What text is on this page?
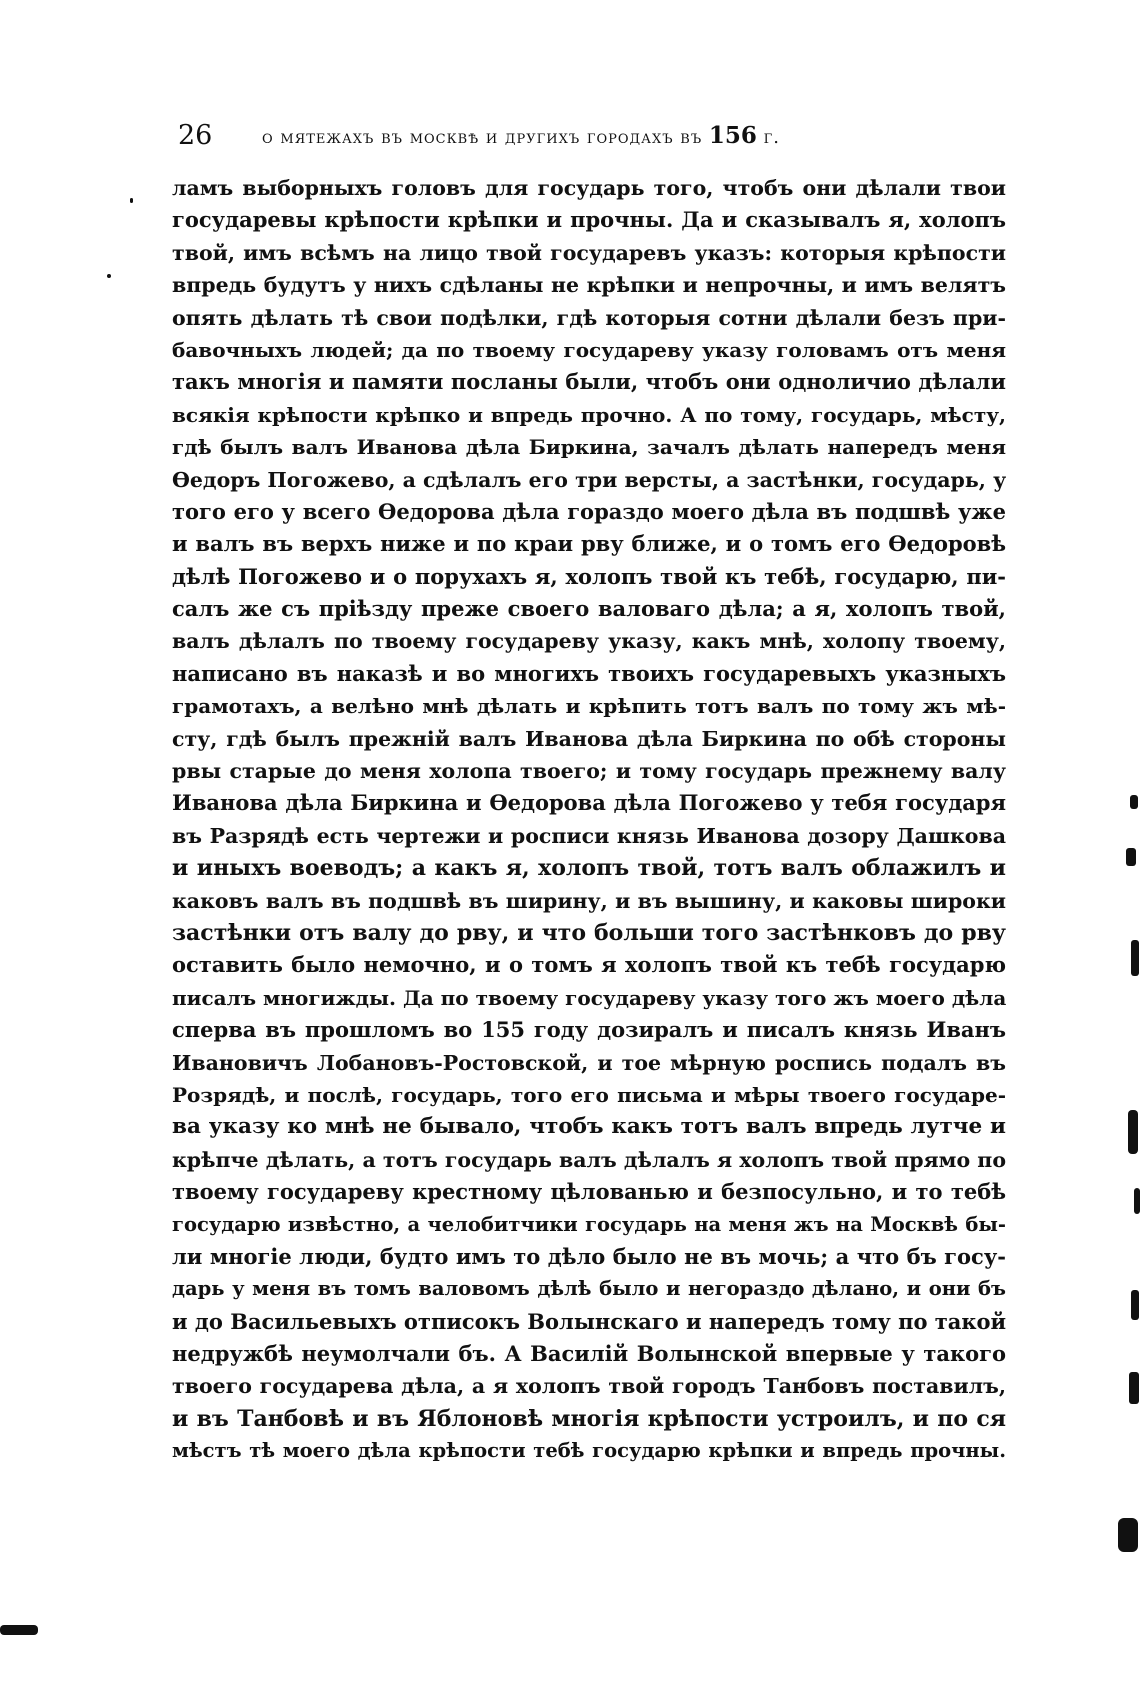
26	о мятежахъ въ москвѣ и другихъ городахъ въ 156 г.
ламъ выборныхъ головъ для государь того, чтобъ они дѣлали твои
государевы крѣпости крѣпки и прочны. Да и сказывалъ я, холопъ
твой, имъ всѣмъ на лицо твой государевъ указъ: которыя крѣпости
впредь будутъ у нихъ сдѣланы не крѣпки и непрочны, и имъ велятъ
опять дѣлать тѣ свои подѣлки, гдѣ которыя сотни дѣлали безъ при-
бавочныхъ людей; да по твоему государеву указу головамъ отъ меня
такъ многія и памяти посланы были, чтобъ они одноличио дѣлали
всякія крѣпости крѣпко и впредь прочно. А по тому, государь, мѣсту,
гдѣ былъ валъ Иванова дѣла Биркина, зачалъ дѣлать напередъ меня
Ѳедоръ Погожево, а сдѣлалъ его три версты, а застѣнки, государь, у
того его у всего Ѳедорова дѣла гораздо моего дѣла въ подшвѣ уже
и валъ въ верхъ ниже и по краи рву ближе, и о томъ его Ѳедоровѣ
дѣлѣ Погожево и о порухахъ я, холопъ твой къ тебѣ, государю, пи-
салъ же съ пріѣзду преже своего валоваго дѣла; а я, холопъ твой,
валъ дѣлалъ по твоему государеву указу, какъ мнѣ, холопу твоему,
написано въ наказѣ и во многихъ твоихъ государевыхъ указныхъ
грамотахъ, а велѣно мнѣ дѣлать и крѣпить тотъ валъ по тому жъ мѣ-
сту, гдѣ былъ прежній валъ Иванова дѣла Биркина по обѣ стороны
рвы старые до меня холопа твоего; и тому государь прежнему валу
Иванова дѣла Биркина и Ѳедорова дѣла Погожево у тебя государя
въ Разрядѣ есть чертежи и росписи князь Иванова дозору Дашкова
и иныхъ воеводъ; а какъ я, холопъ твой, тотъ валъ облажилъ и
каковъ валъ въ подшвѣ въ ширину, и въ вышину, и каковы широки
застѣнки отъ валу до рву, и что больши того застѣнковъ до рву
оставить было немочно, и о томъ я холопъ твой къ тебѣ государю
писалъ многижды. Да по твоему государеву указу того жъ моего дѣла
сперва въ прошломъ во 155 году дозиралъ и писалъ князь Иванъ
Ивановичъ Лобановъ-Ростовской, и тое мѣрную роспись подалъ въ
Розрядѣ, и послѣ, государь, того его письма и мѣры твоего государе-
ва указу ко мнѣ не бывало, чтобъ какъ тотъ валъ впредь лутче и
крѣпче дѣлать, а тотъ государь валъ дѣлалъ я холопъ твой прямо по
твоему государеву крестному цѣлованью и безпосульно, и то тебѣ
государю извѣстно, а челобитчики государь на меня жъ на Москвѣ бы-
ли многіе люди, будто имъ то дѣло было не въ мочь; а что бъ госу-
дарь у меня въ томъ валовомъ дѣлѣ было и негораздо дѣлано, и они бъ
и до Васильевыхъ отписокъ Волынскаго и напередъ тому по такой
недружбѣ неумолчали бъ. А Василій Волынской впервые у такого
твоего государева дѣла, а я холопъ твой городъ Танбовъ поставилъ,
и въ Танбовѣ и въ Яблоновѣ многія крѣпости устроилъ, и по ся
мѣстъ тѣ моего дѣла крѣпости тебѣ государю крѣпки и впредь прочны.
